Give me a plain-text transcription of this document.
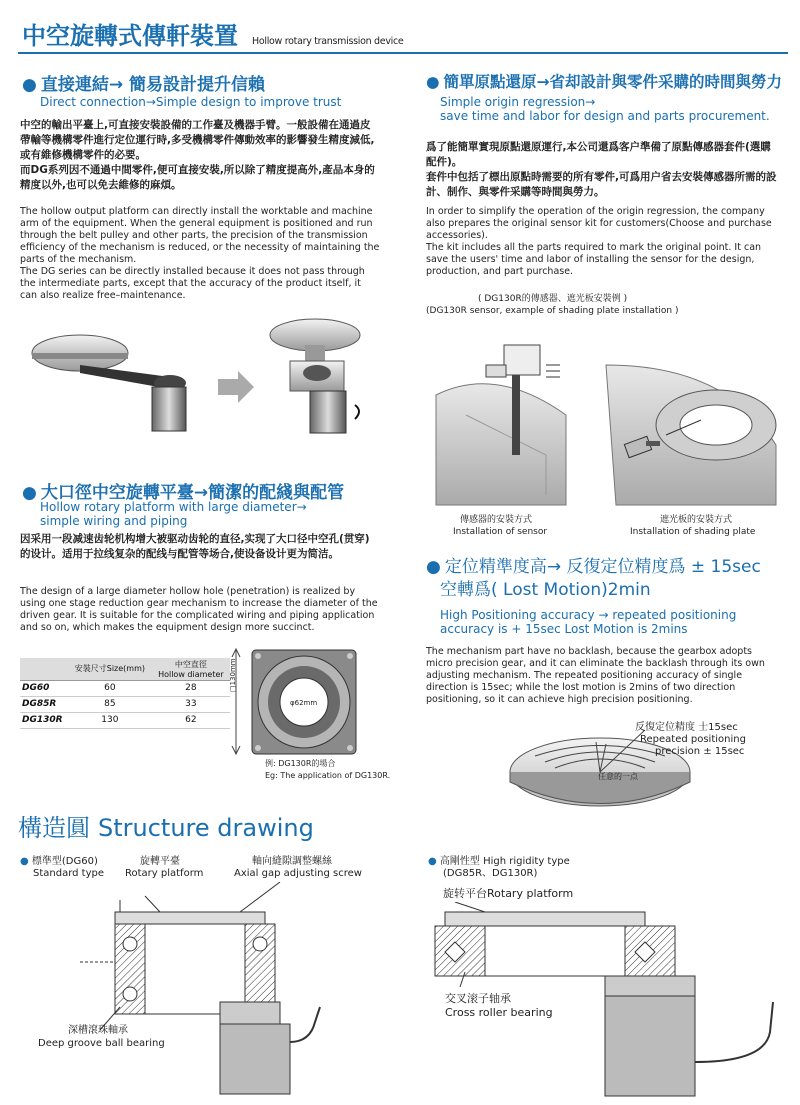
中空旋轉式傳軒裝置 Hollow rotary transmission device
● 直接連結→ 簡易設計提升信賴
Direct connection→Simple design to improve trust
中空的輸出平臺上,可直接安裝設備的工作臺及機器手臂。一般設備在通過皮帶輸等機構零件進行定位運行時,多受機構零件傳動效率的影響發生精度減低,或有維修機構零件的必要。
而DG系列因不通過中間零件,便可直接安裝,所以除了精度提高外,產品本身的精度以外,也可以免去維修的麻煩。
The hollow output platform can directly install the worktable and machine arm of the equipment. When the general equipment is positioned and run through the belt pulley and other parts, the precision of the transmission efficiency of the mechanism is reduced, or the necessity of maintaining the parts of the mechanism.
The DG series can be directly installed because it does not pass through the intermediate parts, except that the accuracy of the product itself, it can also realize free–maintenance.
● 大口徑中空旋轉平臺→簡潔的配綫與配管
Hollow rotary platform with large diameter→
simple wiring and piping
因采用一段减速齿轮机构增大被驱动齿轮的直径,实现了大口径中空孔(贯穿)的设计。适用于拉线复杂的配线与配管等场合,使设备设计更为简洁。
The design of a large diameter hollow hole (penetration) is realized by using one stage reduction gear mechanism to increase the diameter of the driven gear. It is suitable for the complicated wiring and piping application and so on, which makes the equipment design more succinct.
	安裝尺寸Size(mm)	中空直徑
Hollow diameter

DG60	60	28
DG85R	85	33
DG130R	130	62
□130mm
φ62mm
例: DG130R的場合
Eg: The application of DG130R.
● 簡單原點還原→省却設計與零件采購的時間與勞力
Simple origin regression→
save time and labor for design and parts procurement.
爲了能簡單實現原點還原運行,本公司還爲客户準備了原點傳感器套件(選購配件)。
套件中包括了標出原點時需要的所有零件,可爲用户省去安裝傳感器所需的設計、制作、與零件采購等時間與勞力。
In order to simplify the operation of the origin regression, the company also prepares the original sensor kit for customers(Choose and purchase accessories).
The kit includes all the parts required to mark the original point. It can save the users' time and labor of installing the sensor for the design, production, and part purchase.
( DG130R的傳感器、遮光板安裝例 )
(DG130R sensor, example of shading plate installation )
傳感器的安裝方式
Installation of sensor
遮光板的安裝方式
Installation of shading plate
● 定位精準度高→ 反復定位精度爲 ± 15sec
空轉爲( Lost Motion)2min
High Positioning accuracy → repeated positioning
accuracy is + 15sec Lost Motion is 2mins
The mechanism part have no backlash, because the gearbox adopts micro precision gear, and it can eliminate the backlash through its own adjusting mechanism. The repeated positioning accuracy of single direction is 15sec; while the lost motion is 2mins of two direction positioning, so it can achieve high precision positioning.
反復定位精度 士15sec
Repeated positioning
precision ± 15sec
任意的一点
構造圓 Structure drawing
● 標準型(DG60)
Standard type
旋轉平臺
Rotary platform
軸向縫隙調整螺絲
Axial gap adjusting screw
深槽滾珠軸承
Deep groove ball bearing
● 高剛性型 High rigidity type
(DG85R、DG130R)
旋转平台Rotary platform
交叉滚子轴承
Cross roller bearing
